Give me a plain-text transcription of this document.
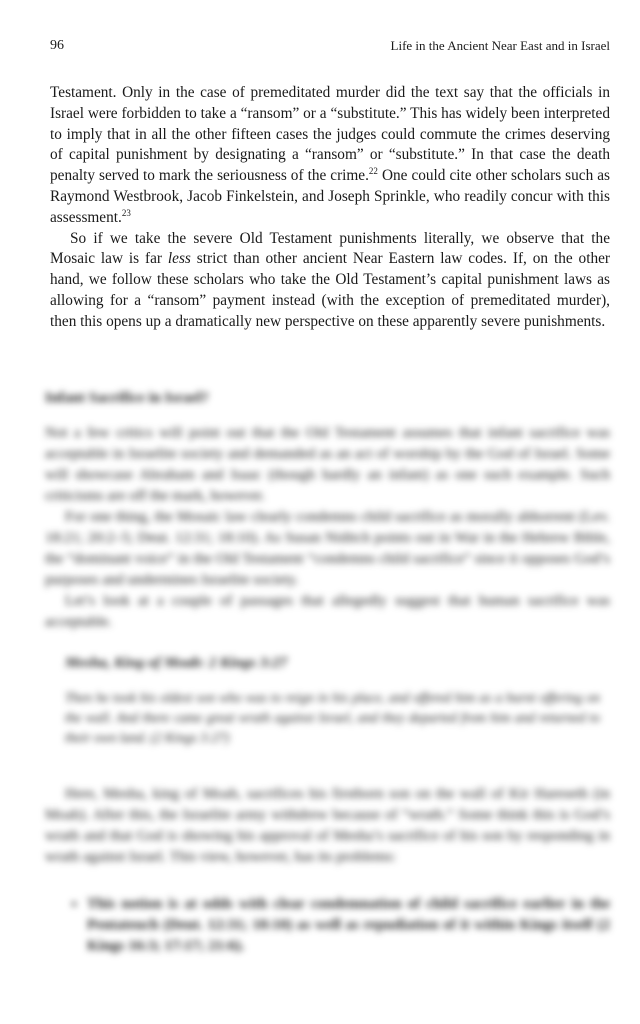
96	Life in the Ancient Near East and in Israel

Testament. Only in the case of premeditated murder did the text say that the officials in Israel were forbidden to take a “ransom” or a “substitute.” This has widely been interpreted to imply that in all the other fifteen cases the judges could commute the crimes deserving of capital punishment by designating a “ransom” or “substitute.” In that case the death penalty served to mark the seriousness of the crime.$^{22}$ One could cite other scholars such as Raymond Westbrook, Jacob Finkelstein, and Joseph Sprinkle, who readily concur with this assessment.$^{23}$

So if we take the severe Old Testament punishments literally, we observe that the Mosaic law is far less strict than other ancient Near Eastern law codes. If, on the other hand, we follow these scholars who take the Old Testament’s capital punishment laws as allowing for a “ransom” payment instead (with the exception of premeditated murder), then this opens up a dramatically new perspective on these apparently severe punishments.

Infant Sacrifice in Israel?

Not a few critics will point out that the Old Testament assumes that infant sacrifice was acceptable in Israelite society and demanded as an act of worship by the God of Israel. Some will showcase Abraham and Isaac (though hardly an infant) as one such example. Such criticisms are off the mark, however.

For one thing, the Mosaic law clearly condemns child sacrifice as morally abhorrent (Lev. 18:21; 20:2–5; Deut. 12:31; 18:10). As Susan Niditch points out in War in the Hebrew Bible, the “dominant voice” in the Old Testament “condemns child sacrifice” since it opposes God’s purposes and undermines Israelite society.

Let’s look at a couple of passages that allegedly suggest that human sacrifice was acceptable.

Mesha, King of Moab: 2 Kings 3:27
Then he took his oldest son who was to reign in his place, and offered him as a burnt offering on the wall. And there came great wrath against Israel, and they departed from him and returned to their own land. (2 Kings 3:27)

Here, Mesha, king of Moab, sacrifices his firstborn son on the wall of Kir Hareseth (in Moab). After this, the Israelite army withdrew because of “wrath.” Some think this is God’s wrath and that God is showing his approval of Mesha’s sacrifice of his son by responding in wrath against Israel. This view, however, has its problems:

• This notion is at odds with clear condemnation of child sacrifice earlier in the Pentateuch (Deut. 12:31; 18:10) as well as repudiation of it within Kings itself (2 Kings 16:3; 17:17; 21:6).
